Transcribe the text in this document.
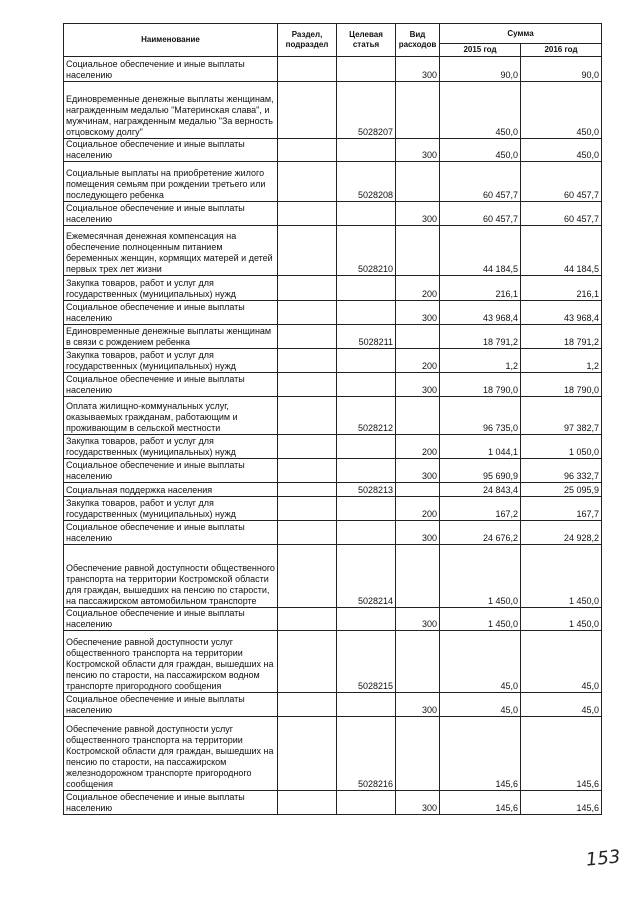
Наименование	Раздел, подраздел	Целевая статья	Вид расходов	Сумма	
				2015 год	2016 год
Социальное обеспечение и иные выплаты населению			300	90,0	90,0
Единовременные денежные выплаты женщинам, награжденным медалью "Материнская слава", и мужчинам, награжденным медалью "За верность отцовскому долгу"		5028207		450,0	450,0
Социальное обеспечение и иные выплаты населению			300	450,0	450,0
Социальные выплаты на приобретение жилого помещения семьям при рождении третьего или последующего ребенка		5028208		60 457,7	60 457,7
Социальное обеспечение и иные выплаты населению			300	60 457,7	60 457,7
Ежемесячная денежная компенсация на обеспечение полноценным питанием беременных женщин, кормящих матерей и детей первых трех лет жизни		5028210		44 184,5	44 184,5
Закупка товаров, работ и услуг для государственных (муниципальных) нужд			200	216,1	216,1
Социальное обеспечение и иные выплаты населению			300	43 968,4	43 968,4
Единовременные денежные выплаты женщинам в связи с рождением ребенка		5028211		18 791,2	18 791,2
Закупка товаров, работ и услуг для государственных (муниципальных) нужд			200	1,2	1,2
Социальное обеспечение и иные выплаты населению			300	18 790,0	18 790,0
Оплата жилищно-коммунальных услуг, оказываемых гражданам, работающим и проживающим в сельской местности		5028212		96 735,0	97 382,7
Закупка товаров, работ и услуг для государственных (муниципальных) нужд			200	1 044,1	1 050,0
Социальное обеспечение и иные выплаты населению			300	95 690,9	96 332,7
Социальная поддержка населения		5028213		24 843,4	25 095,9
Закупка товаров, работ и услуг для государственных (муниципальных) нужд			200	167,2	167,7
Социальное обеспечение и иные выплаты населению			300	24 676,2	24 928,2
Обеспечение равной доступности общественного транспорта на территории Костромской области для граждан, вышедших на пенсию по старости, на пассажирском автомобильном транспорте		5028214		1 450,0	1 450,0
Социальное обеспечение и иные выплаты населению			300	1 450,0	1 450,0
Обеспечение равной доступности услуг общественного транспорта на территории Костромской области для граждан, вышедших на пенсию по старости, на пассажирском водном транспорте пригородного сообщения		5028215		45,0	45,0
Социальное обеспечение и иные выплаты населению			300	45,0	45,0
Обеспечение равной доступности услуг общественного транспорта на территории Костромской области для граждан, вышедших на пенсию по старости, на пассажирском железнодорожном транспорте пригородного сообщения		5028216		145,6	145,6
Социальное обеспечение и иные выплаты населению			300	145,6	145,6
153
